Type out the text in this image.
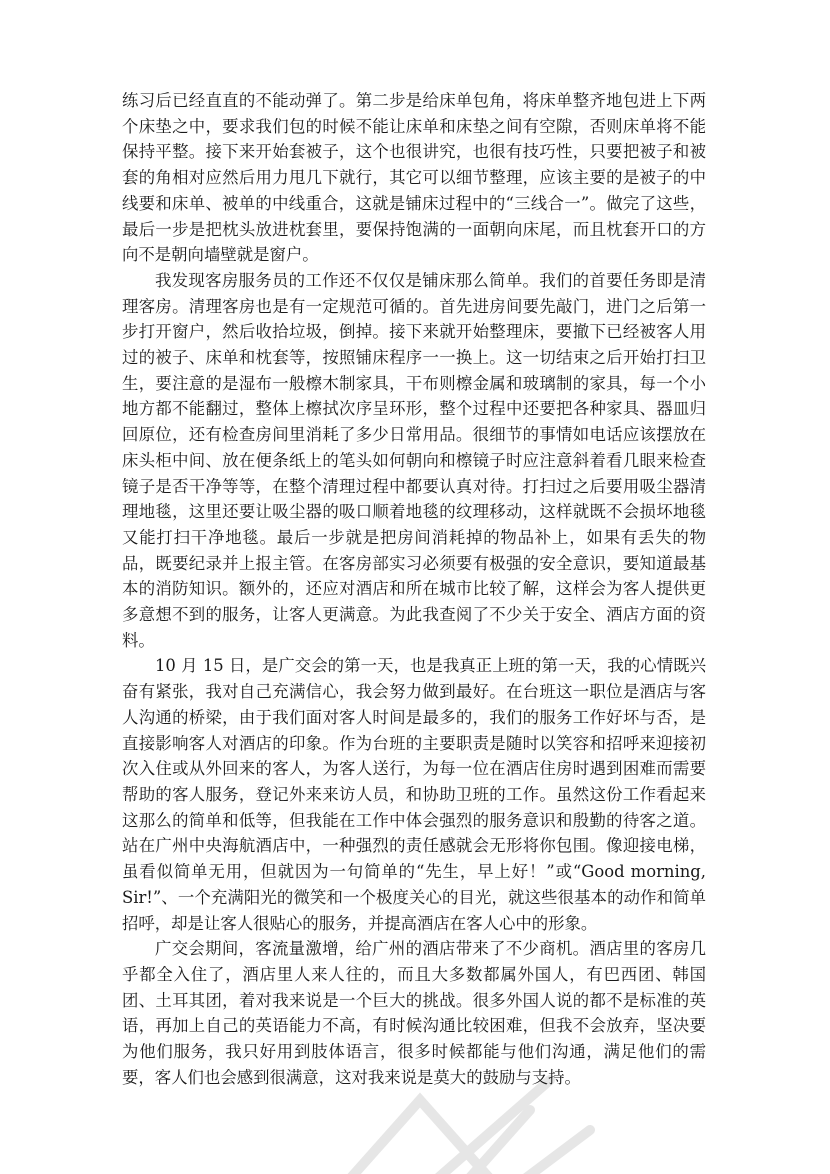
练习后已经直直的不能动弹了。第二步是给床单包角，将床单整齐地包进上下两个床垫之中，要求我们包的时候不能让床单和床垫之间有空隙，否则床单将不能保持平整。接下来开始套被子，这个也很讲究，也很有技巧性，只要把被子和被套的角相对应然后用力甩几下就行，其它可以细节整理，应该主要的是被子的中线要和床单、被单的中线重合，这就是铺床过程中的“三线合一”。做完了这些，最后一步是把枕头放进枕套里，要保持饱满的一面朝向床尾，而且枕套开口的方向不是朝向墙壁就是窗户。

我发现客房服务员的工作还不仅仅是铺床那么简单。我们的首要任务即是清理客房。清理客房也是有一定规范可循的。首先进房间要先敲门，进门之后第一步打开窗户，然后收拾垃圾，倒掉。接下来就开始整理床，要撤下已经被客人用过的被子、床单和枕套等，按照铺床程序一一换上。这一切结束之后开始打扫卫生，要注意的是湿布一般檫木制家具，干布则檫金属和玻璃制的家具，每一个小地方都不能翻过，整体上檫拭次序呈环形，整个过程中还要把各种家具、器皿归回原位，还有检查房间里消耗了多少日常用品。很细节的事情如电话应该摆放在床头柜中间、放在便条纸上的笔头如何朝向和檫镜子时应注意斜着看几眼来检查镜子是否干净等等，在整个清理过程中都要认真对待。打扫过之后要用吸尘器清理地毯，这里还要让吸尘器的吸口顺着地毯的纹理移动，这样就既不会损坏地毯又能打扫干净地毯。最后一步就是把房间消耗掉的物品补上，如果有丢失的物品，既要纪录并上报主管。在客房部实习必须要有极强的安全意识，要知道最基本的消防知识。额外的，还应对酒店和所在城市比较了解，这样会为客人提供更多意想不到的服务，让客人更满意。为此我查阅了不少关于安全、酒店方面的资料。

10 月 15 日，是广交会的第一天，也是我真正上班的第一天，我的心情既兴奋有紧张，我对自己充满信心，我会努力做到最好。在台班这一职位是酒店与客人沟通的桥梁，由于我们面对客人时间是最多的，我们的服务工作好坏与否，是直接影响客人对酒店的印象。作为台班的主要职责是随时以笑容和招呼来迎接初次入住或从外回来的客人，为客人送行，为每一位在酒店住房时遇到困难而需要帮助的客人服务，登记外来来访人员，和协助卫班的工作。虽然这份工作看起来这那么的简单和低等，但我能在工作中体会强烈的服务意识和殷勤的待客之道。站在广州中央海航酒店中，一种强烈的责任感就会无形将你包围。像迎接电梯，虽看似简单无用，但就因为一句简单的“先生，早上好！”或“Good morning, Sir!”、一个充满阳光的微笑和一个极度关心的目光，就这些很基本的动作和简单招呼，却是让客人很贴心的服务，并提高酒店在客人心中的形象。

广交会期间，客流量激增，给广州的酒店带来了不少商机。酒店里的客房几乎都全入住了，酒店里人来人往的，而且大多数都属外国人，有巴西团、韩国团、土耳其团，着对我来说是一个巨大的挑战。很多外国人说的都不是标准的英语，再加上自己的英语能力不高，有时候沟通比较困难，但我不会放弃，坚决要为他们服务，我只好用到肢体语言，很多时候都能与他们沟通，满足他们的需要，客人们也会感到很满意，这对我来说是莫大的鼓励与支持。
